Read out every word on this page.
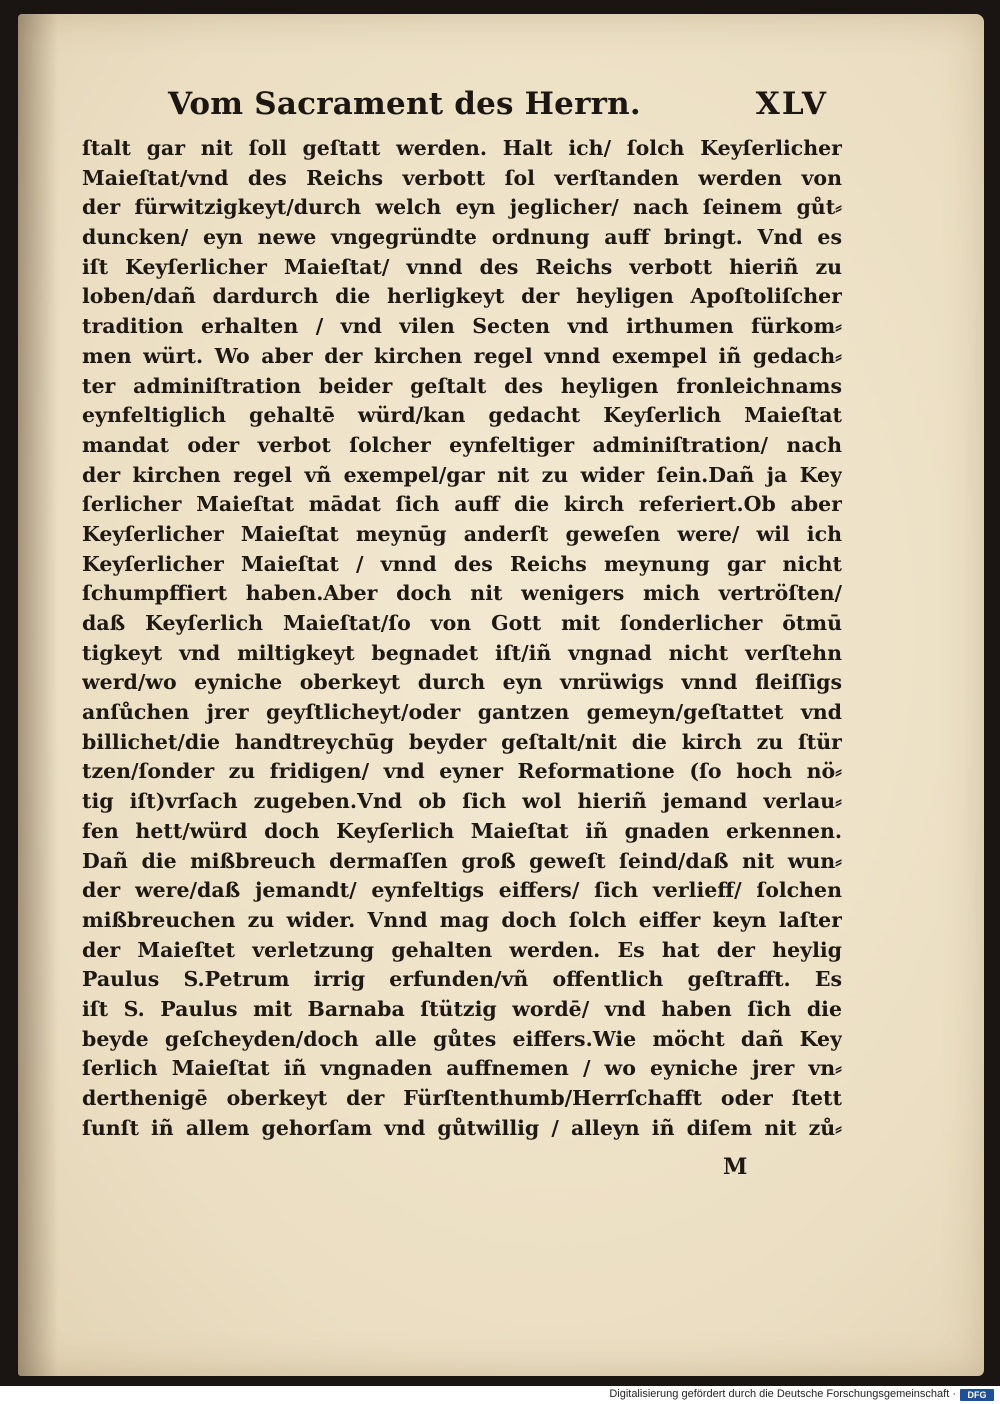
Vom Sacrament des Herrn.	XLV
ſtalt gar nit ſoll geſtatt werden. Halt ich/ ſolch Keyſerlicher
Maieſtat/vnd des Reichs verbott ſol verſtanden werden von
der fürwitzigkeyt/durch welch eyn jeglicher/ nach ſeinem gůt⸗
duncken/ eyn newe vngegründte ordnung auff bringt. Vnd es
iſt Keyſerlicher Maieſtat/ vnnd des Reichs verbott hieriñ zu
loben/dañ dardurch die herligkeyt der heyligen Apoſtoliſcher
tradition erhalten / vnd vilen Secten vnd irthumen fürkom⸗
men würt. Wo aber der kirchen regel vnnd exempel iñ gedach⸗
ter adminiſtration beider geſtalt des heyligen fronleichnams
eynfeltiglich gehaltē würd/kan gedacht Keyſerlich Maieſtat
mandat oder verbot ſolcher eynfeltiger adminiſtration/ nach
der kirchen regel vñ exempel/gar nit zu wider ſein.Dañ ja Key
ſerlicher Maieſtat mādat ſich auff die kirch referiert.Ob aber
Keyſerlicher Maieſtat meynūg anderſt geweſen were/ wil ich
Keyſerlicher Maieſtat / vnnd des Reichs meynung gar nicht
ſchumpffiert haben.Aber doch nit wenigers mich vertröſten/
daß Keyſerlich Maieſtat/ſo von Gott mit ſonderlicher ōtmū
tigkeyt vnd miltigkeyt begnadet iſt/iñ vngnad nicht verſtehn
werd/wo eyniche oberkeyt durch eyn vnrüwigs vnnd fleiſſigs
anſůchen jrer geyſtlicheyt/oder gantzen gemeyn/geſtattet vnd
billichet/die handtreychūg beyder geſtalt/nit die kirch zu ſtür
tzen/ſonder zu fridigen/ vnd eyner Reformatione (ſo hoch nö⸗
tig iſt)vrſach zugeben.Vnd ob ſich wol hieriñ jemand verlau⸗
fen hett/würd doch Keyſerlich Maieſtat iñ gnaden erkennen.
Dañ die mißbreuch dermaſſen groß geweſt ſeind/daß nit wun⸗
der were/daß jemandt/ eynfeltigs eiffers/ ſich verlieff/ ſolchen
mißbreuchen zu wider. Vnnd mag doch ſolch eiffer keyn laſter
der Maieſtet verletzung gehalten werden. Es hat der heylig
Paulus S.Petrum irrig erfunden/vñ offentlich geſtrafft. Es
iſt S. Paulus mit Barnaba ſtützig wordē/ vnd haben ſich die
beyde geſcheyden/doch alle gůtes eiffers.Wie möcht dañ Key
ſerlich Maieſtat iñ vngnaden auffnemen / wo eyniche jrer vn⸗
derthenigē oberkeyt der Fürſtenthumb/Herrſchafft oder ſtett
ſunſt iñ allem gehorſam vnd gůtwillig / alleyn iñ diſem nit zů⸗
M
Digitalisierung gefördert durch die Deutsche Forschungsgemeinschaft ·	DFG
